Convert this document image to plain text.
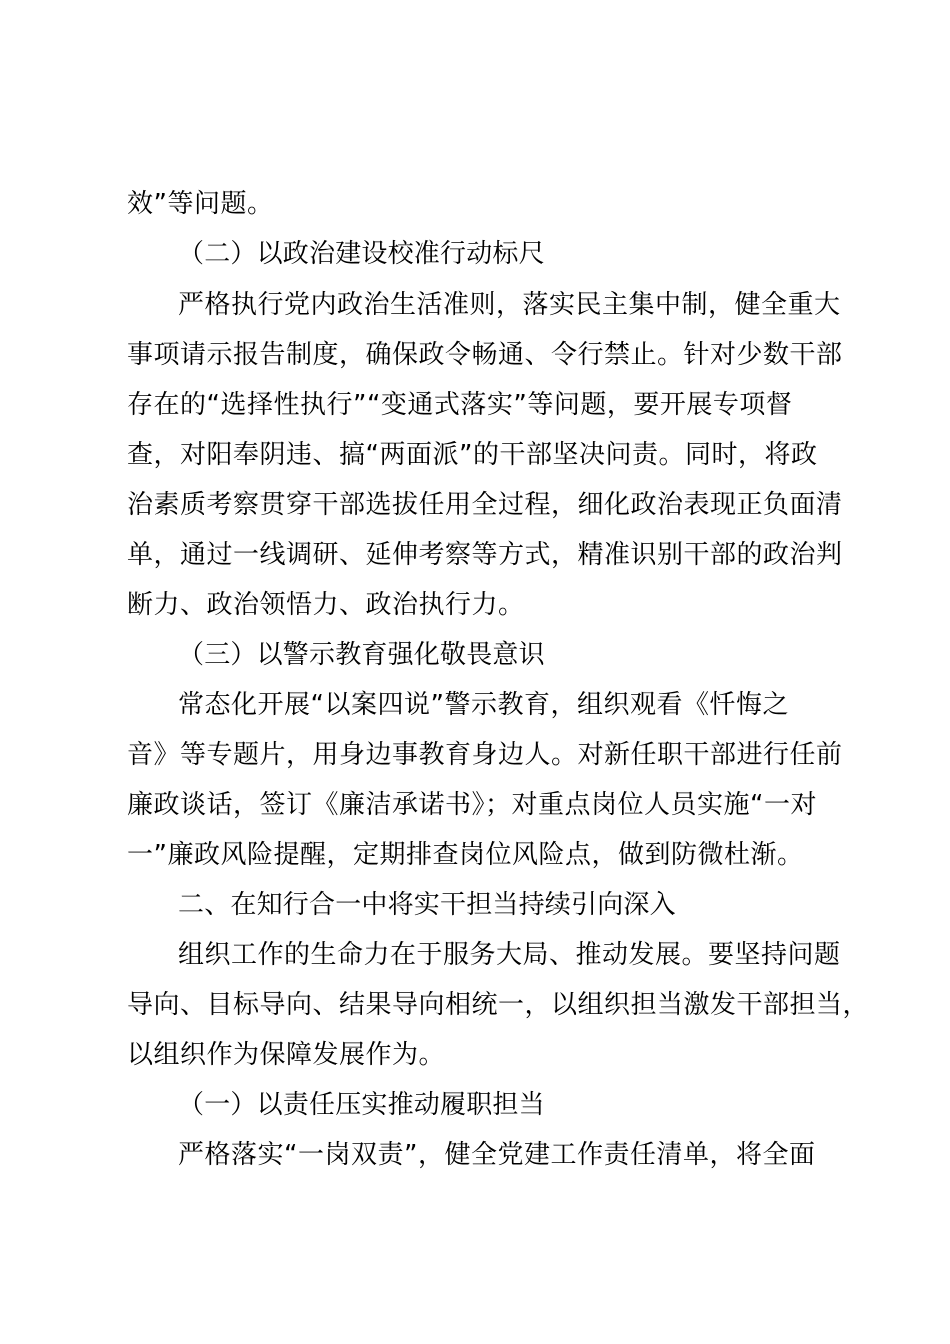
效”等问题。
（二）以政治建设校准行动标尺
严格执行党内政治生活准则，落实民主集中制，健全重大
事项请示报告制度，确保政令畅通、令行禁止。针对少数干部
存在的“选择性执行”“变通式落实”等问题，要开展专项督
查，对阳奉阴违、搞“两面派”的干部坚决问责。同时，将政
治素质考察贯穿干部选拔任用全过程，细化政治表现正负面清
单，通过一线调研、延伸考察等方式，精准识别干部的政治判
断力、政治领悟力、政治执行力。
（三）以警示教育强化敬畏意识
常态化开展“以案四说”警示教育，组织观看《忏悔之
音》等专题片，用身边事教育身边人。对新任职干部进行任前
廉政谈话，签订《廉洁承诺书》；对重点岗位人员实施“一对
一”廉政风险提醒，定期排查岗位风险点，做到防微杜渐。
二、在知行合一中将实干担当持续引向深入
组织工作的生命力在于服务大局、推动发展。要坚持问题
导向、目标导向、结果导向相统一，以组织担当激发干部担当，
以组织作为保障发展作为。
（一）以责任压实推动履职担当
严格落实“一岗双责”，健全党建工作责任清单，将全面
